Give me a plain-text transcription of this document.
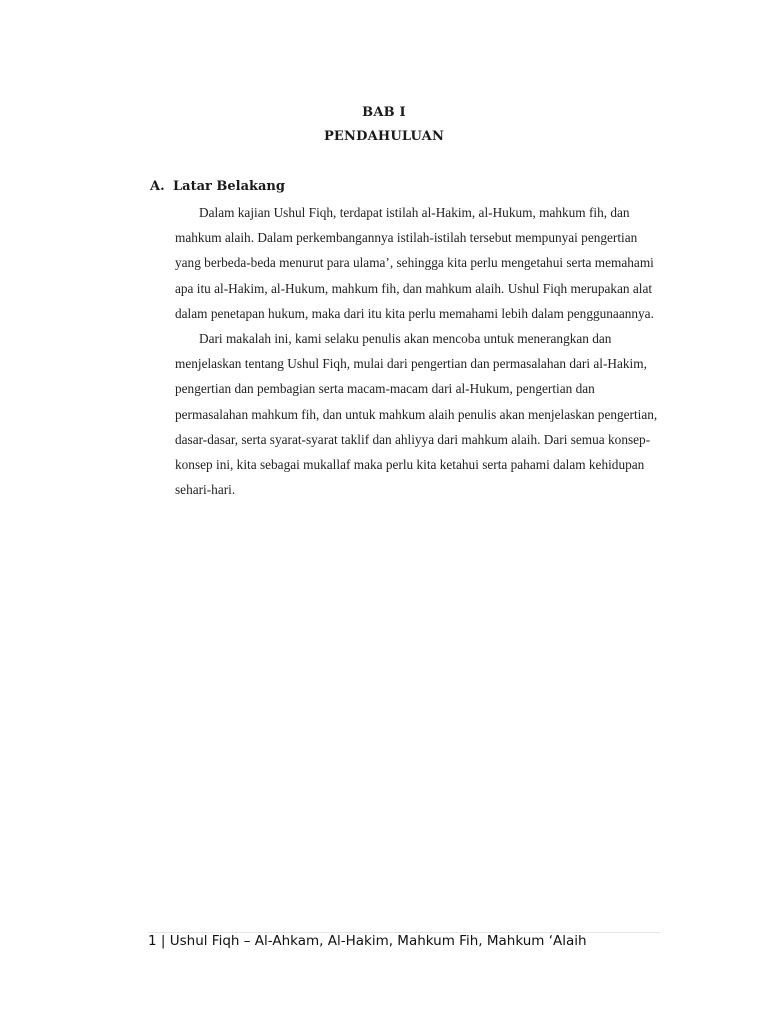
BAB I
PENDAHULUAN
A. Latar Belakang

Dalam kajian Ushul Fiqh, terdapat istilah al-Hakim, al-Hukum, mahkum fih, dan mahkum alaih. Dalam perkembangannya istilah-istilah tersebut mempunyai pengertian yang berbeda-beda menurut para ulama’, sehingga kita perlu mengetahui serta memahami apa itu al-Hakim, al-Hukum, mahkum fih, dan mahkum alaih. Ushul Fiqh merupakan alat dalam penetapan hukum, maka dari itu kita perlu memahami lebih dalam penggunaannya.

Dari makalah ini, kami selaku penulis akan mencoba untuk menerangkan dan menjelaskan tentang Ushul Fiqh, mulai dari pengertian dan permasalahan dari al-Hakim, pengertian dan pembagian serta macam-macam dari al-Hukum, pengertian dan permasalahan mahkum fih, dan untuk mahkum alaih penulis akan menjelaskan pengertian, dasar-dasar, serta syarat-syarat taklif dan ahliyya dari mahkum alaih. Dari semua konsep-konsep ini, kita sebagai mukallaf maka perlu kita ketahui serta pahami dalam kehidupan sehari-hari.

1 | Ushul Fiqh – Al-Ahkam, Al-Hakim, Mahkum Fih, Mahkum ‘Alaih
